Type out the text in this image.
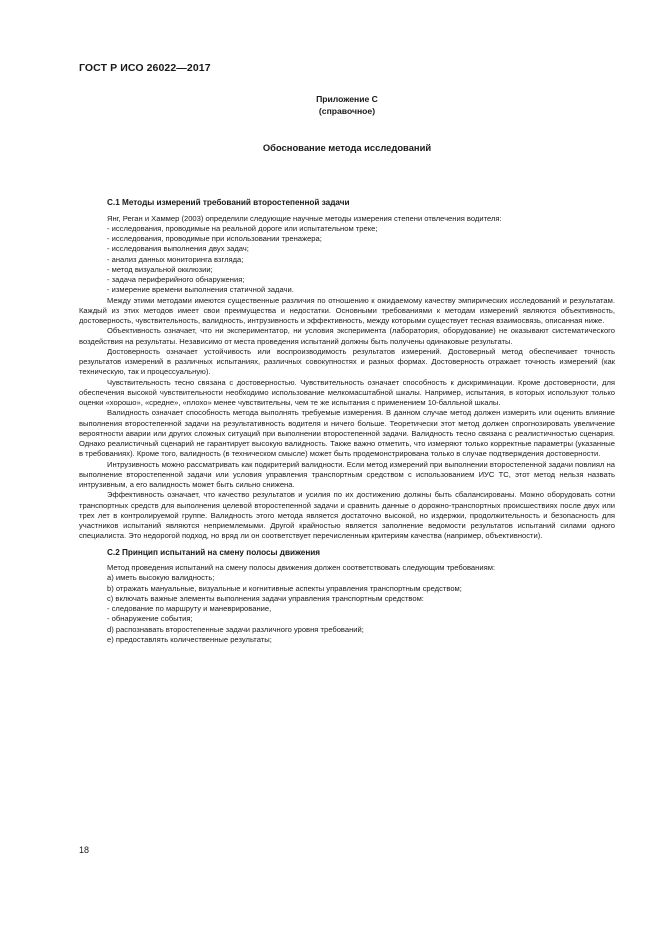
ГОСТ Р ИСО 26022—2017
Приложение С
(справочное)
Обоснование метода исследований
С.1 Методы измерений требований второстепенной задачи

Янг, Реган и Хаммер (2003) определили следующие научные методы измерения степени отвлечения водителя:

- исследования, проводимые на реальной дороге или испытательном треке;

- исследования, проводимые при использовании тренажера;

- исследования выполнения двух задач;

- анализ данных мониторинга взгляда;

- метод визуальной окклюзии;

- задача периферийного обнаружения;

- измерение времени выполнения статичной задачи.

Между этими методами имеются существенные различия по отношению к ожидаемому качеству эмпирических исследований и результатам. Каждый из этих методов имеет свои преимущества и недостатки. Основными требованиями к методам измерений являются объективность, достоверность, чувствительность, валидность, интрузивность и эффективность, между которыми существует тесная взаимосвязь, описанная ниже.

Объективность означает, что ни экспериментатор, ни условия эксперимента (лаборатория, оборудование) не оказывают систематического воздействия на результаты. Независимо от места проведения испытаний должны быть получены одинаковые результаты.

Достоверность означает устойчивость или воспроизводимость результатов измерений. Достоверный метод обеспечивает точность результатов измерений в различных испытаниях, различных совокупностях и разных формах. Достоверность отражает точность измерений (как техническую, так и процессуальную).

Чувствительность тесно связана с достоверностью. Чувствительность означает способность к дискриминации. Кроме достоверности, для обеспечения высокой чувствительности необходимо использование мелкомасштабной шкалы. Например, испытания, в которых используют только оценки «хорошо», «средне», «плохо» менее чувствительны, чем те же испытания с применением 10-балльной шкалы.

Валидность означает способность метода выполнять требуемые измерения. В данном случае метод должен измерить или оценить влияние выполнения второстепенной задачи на результативность водителя и ничего больше. Теоретически этот метод должен спрогнозировать увеличение вероятности аварии или других сложных ситуаций при выполнении второстепенной задачи. Валидность тесно связана с реалистичностью сценария. Однако реалистичный сценарий не гарантирует высокую валидность. Также важно отметить, что измеряют только корректные параметры (указанные в требованиях). Кроме того, валидность (в техническом смысле) может быть продемонстрирована только в случае подтверждения достоверности.

Интрузивность можно рассматривать как подкритерий валидности. Если метод измерений при выполнении второстепенной задачи повлиял на выполнение второстепенной задачи или условия управления транспортным средством с использованием ИУС ТС, этот метод нельзя назвать интрузивным, а его валидность может быть сильно снижена.

Эффективность означает, что качество результатов и усилия по их достижению должны быть сбалансированы. Можно оборудовать сотни транспортных средств для выполнения целевой второстепенной задачи и сравнить данные о дорожно-транспортных происшествиях после двух или трех лет в контролируемой группе. Валидность этого метода является достаточно высокой, но издержки, продолжительность и безопасность для участников испытаний являются неприемлемыми. Другой крайностью является заполнение ведомости результатов испытаний силами одного специалиста. Это недорогой подход, но вряд ли он соответствует перечисленным критериям качества (например, объективности).

С.2 Принцип испытаний на смену полосы движения

Метод проведения испытаний на смену полосы движения должен соответствовать следующим требованиям:

a) иметь высокую валидность;

b) отражать мануальные, визуальные и когнитивные аспекты управления транспортным средством;

c) включать важные элементы выполнения задачи управления транспортным средством:

- следование по маршруту и маневрирование,

- обнаружение события;

d) распознавать второстепенные задачи различного уровня требований;

e) предоставлять количественные результаты;

18
